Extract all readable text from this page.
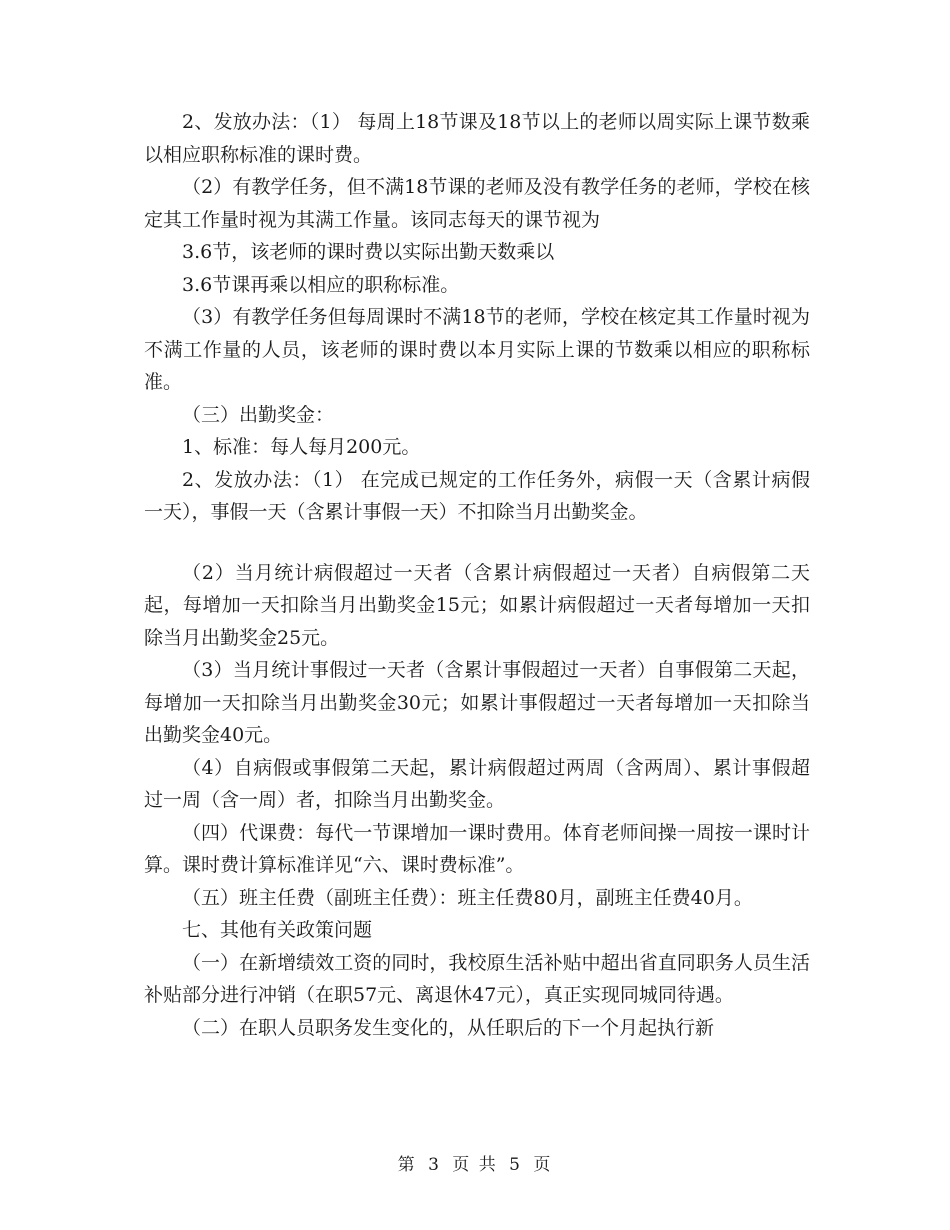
2、发放办法：（1） 每周上18节课及18节以上的老师以周实际上课节数乘以相应职称标准的课时费。

（2）有教学任务，但不满18节课的老师及没有教学任务的老师，学校在核定其工作量时视为其满工作量。该同志每天的课节视为

3.6节，该老师的课时费以实际出勤天数乘以

3.6节课再乘以相应的职称标准。

（3）有教学任务但每周课时不满18节的老师，学校在核定其工作量时视为不满工作量的人员，该老师的课时费以本月实际上课的节数乘以相应的职称标准。

（三）出勤奖金：

1、标准：每人每月200元。

2、发放办法：（1） 在完成已规定的工作任务外，病假一天（含累计病假一天），事假一天（含累计事假一天）不扣除当月出勤奖金。

（2）当月统计病假超过一天者（含累计病假超过一天者）自病假第二天起，每增加一天扣除当月出勤奖金15元；如累计病假超过一天者每增加一天扣除当月出勤奖金25元。

（3）当月统计事假过一天者（含累计事假超过一天者）自事假第二天起，每增加一天扣除当月出勤奖金30元；如累计事假超过一天者每增加一天扣除当出勤奖金40元。

（4）自病假或事假第二天起，累计病假超过两周（含两周）、累计事假超过一周（含一周）者，扣除当月出勤奖金。

（四）代课费：每代一节课增加一课时费用。体育老师间操一周按一课时计算。课时费计算标准详见“六、课时费标准”。

（五）班主任费（副班主任费）：班主任费80月，副班主任费40月。

七、其他有关政策问题

（一）在新增绩效工资的同时，我校原生活补贴中超出省直同职务人员生活补贴部分进行冲销（在职57元、离退休47元），真正实现同城同待遇。

（二）在职人员职务发生变化的，从任职后的下一个月起执行新

第 3 页 共 5 页
